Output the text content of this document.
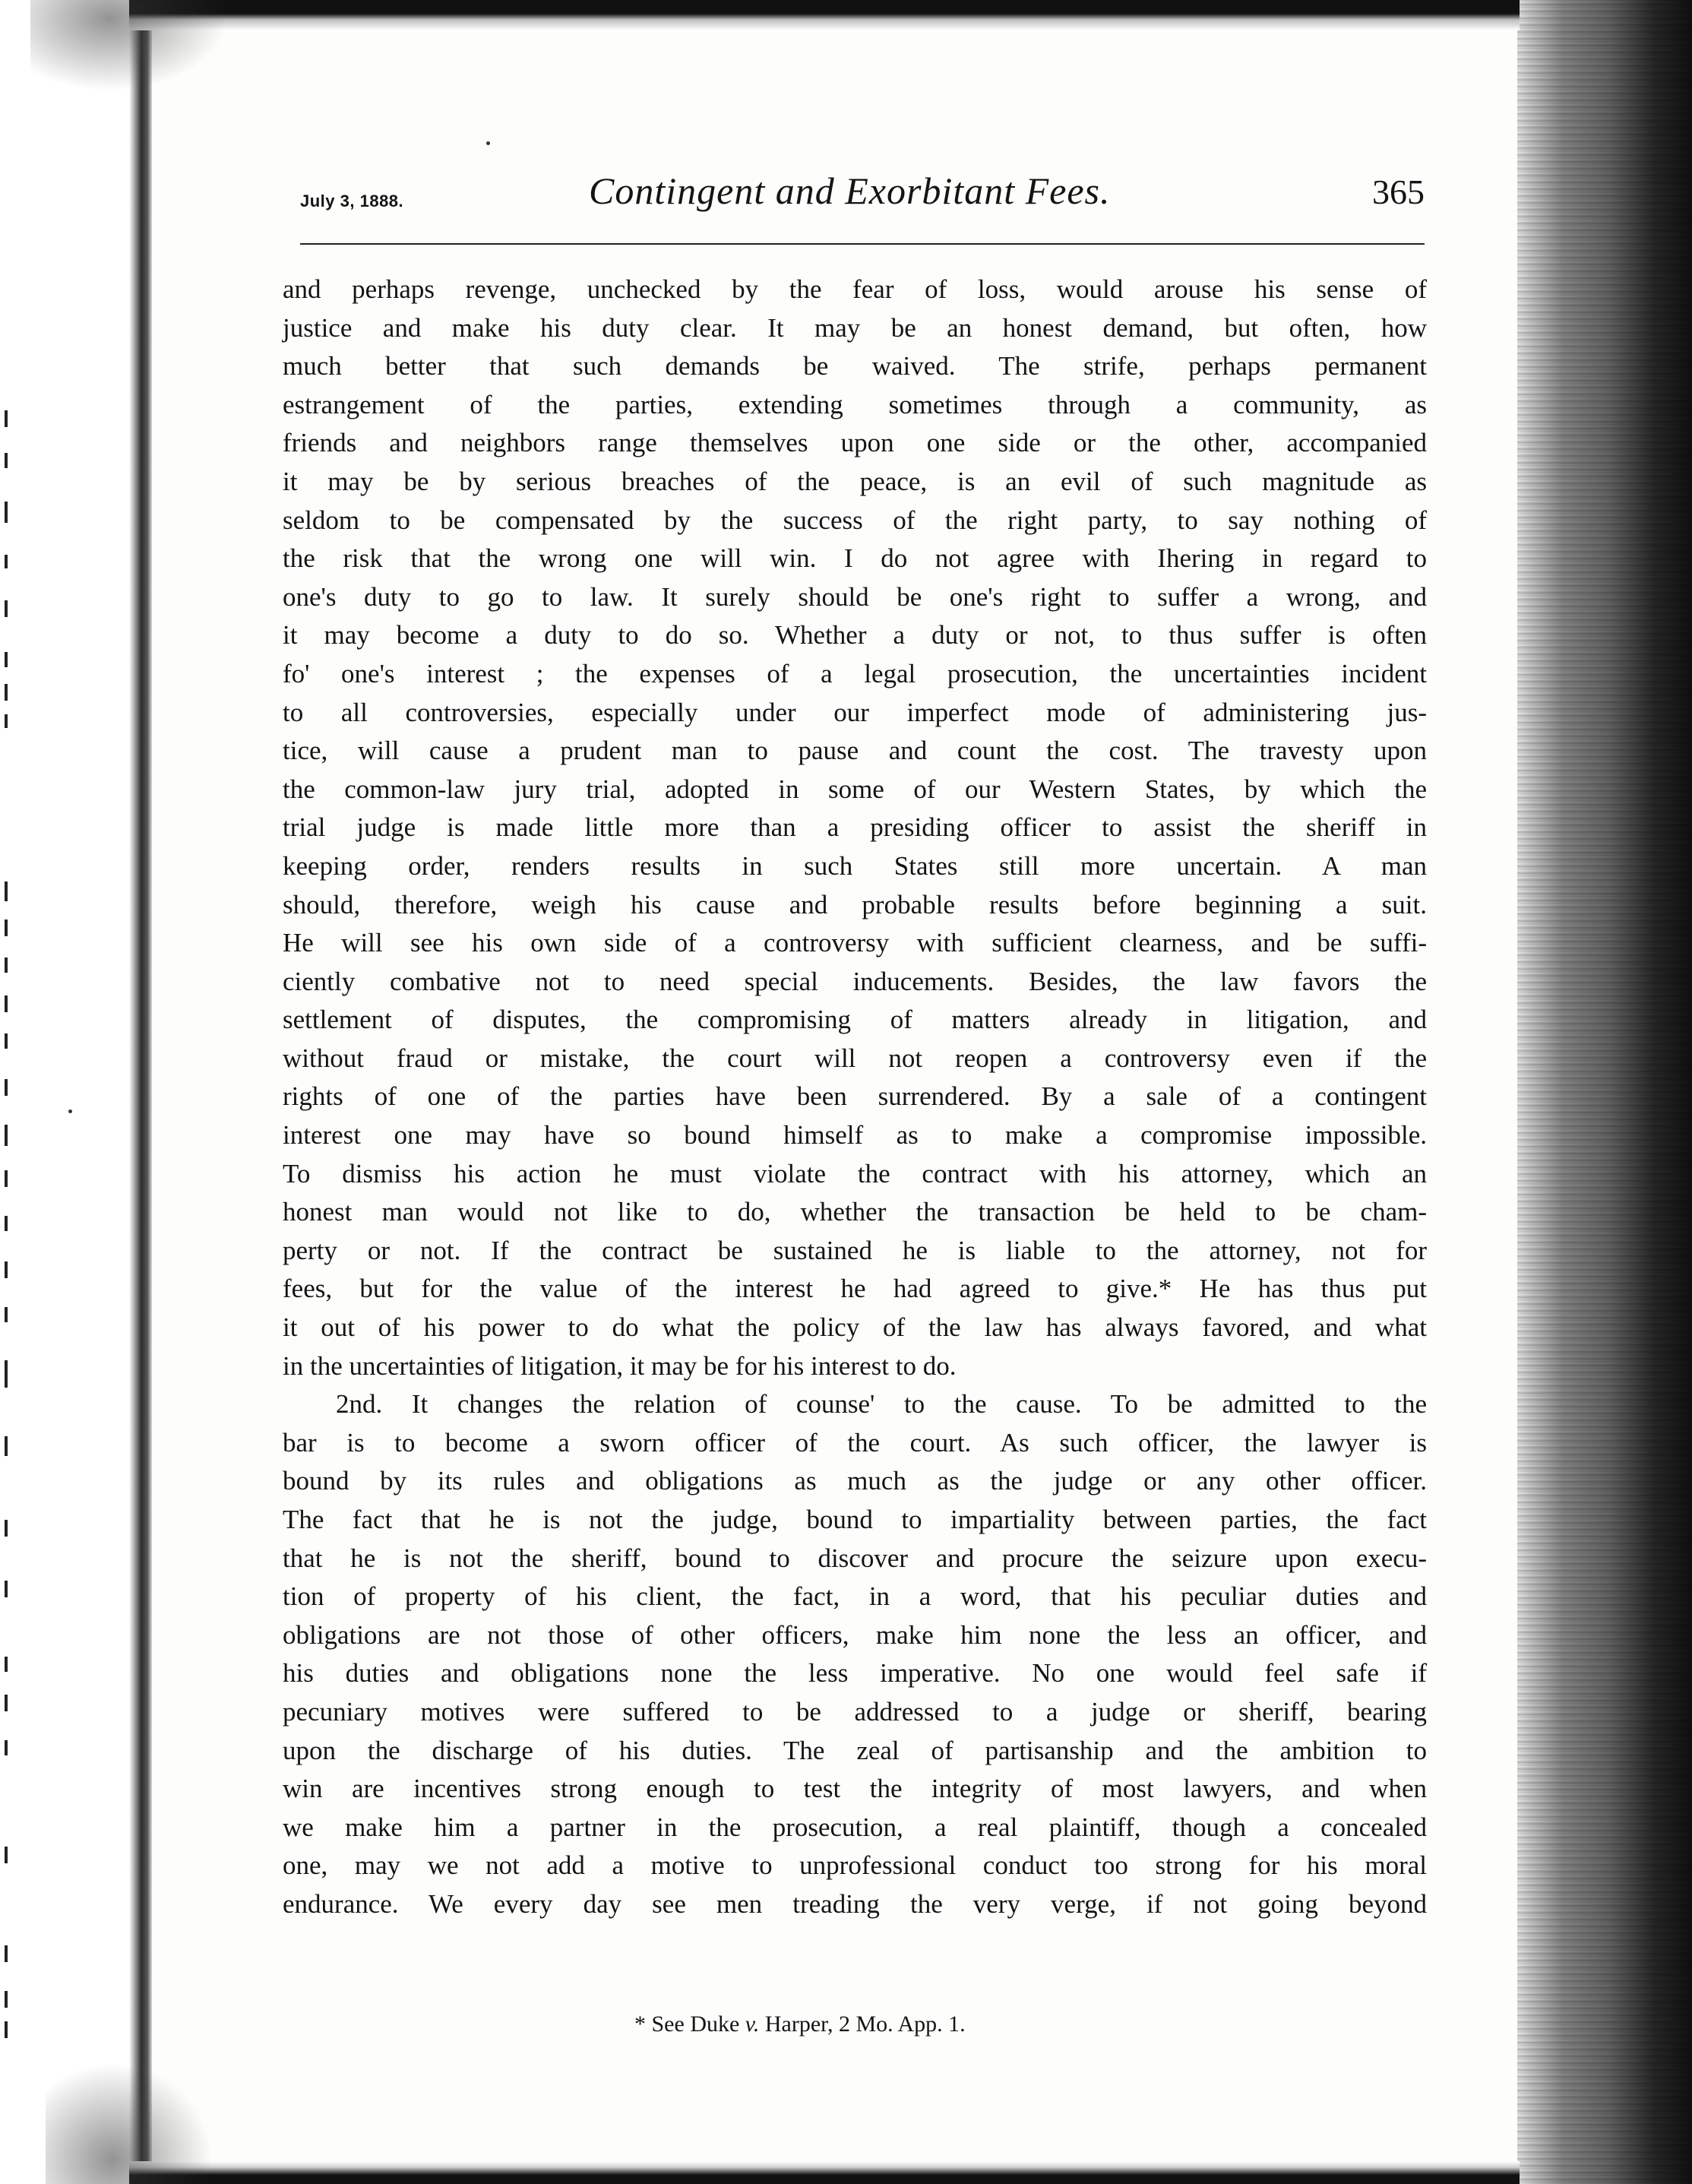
July 3, 1888.	Contingent and Exorbitant Fees.	365
and perhaps revenge, unchecked by the fear of loss, would arouse his sense of
justice and make his duty clear. It may be an honest demand, but often, how
much better that such demands be waived. The strife, perhaps permanent
estrangement of the parties, extending sometimes through a community, as
friends and neighbors range themselves upon one side or the other, accompanied
it may be by serious breaches of the peace, is an evil of such magnitude as
seldom to be compensated by the success of the right party, to say nothing of
the risk that the wrong one will win. I do not agree with Ihering in regard to
one's duty to go to law. It surely should be one's right to suffer a wrong, and
it may become a duty to do so. Whether a duty or not, to thus suffer is often
fo' one's interest ; the expenses of a legal prosecution, the uncertainties incident
to all controversies, especially under our imperfect mode of administering jus-
tice, will cause a prudent man to pause and count the cost. The travesty upon
the common-law jury trial, adopted in some of our Western States, by which the
trial judge is made little more than a presiding officer to assist the sheriff in
keeping order, renders results in such States still more uncertain. A man
should, therefore, weigh his cause and probable results before beginning a suit.
He will see his own side of a controversy with sufficient clearness, and be suffi-
ciently combative not to need special inducements. Besides, the law favors the
settlement of disputes, the compromising of matters already in litigation, and
without fraud or mistake, the court will not reopen a controversy even if the
rights of one of the parties have been surrendered. By a sale of a contingent
interest one may have so bound himself as to make a compromise impossible.
To dismiss his action he must violate the contract with his attorney, which an
honest man would not like to do, whether the transaction be held to be cham-
perty or not. If the contract be sustained he is liable to the attorney, not for
fees, but for the value of the interest he had agreed to give.* He has thus put
it out of his power to do what the policy of the law has always favored, and what
in the uncertainties of litigation, it may be for his interest to do.
2nd. It changes the relation of counse' to the cause. To be admitted to the
bar is to become a sworn officer of the court. As such officer, the lawyer is
bound by its rules and obligations as much as the judge or any other officer.
The fact that he is not the judge, bound to impartiality between parties, the fact
that he is not the sheriff, bound to discover and procure the seizure upon execu-
tion of property of his client, the fact, in a word, that his peculiar duties and
obligations are not those of other officers, make him none the less an officer, and
his duties and obligations none the less imperative. No one would feel safe if
pecuniary motives were suffered to be addressed to a judge or sheriff, bearing
upon the discharge of his duties. The zeal of partisanship and the ambition to
win are incentives strong enough to test the integrity of most lawyers, and when
we make him a partner in the prosecution, a real plaintiff, though a concealed
one, may we not add a motive to unprofessional conduct too strong for his moral
endurance. We every day see men treading the very verge, if not going beyond
* See Duke v. Harper, 2 Mo. App. 1.
